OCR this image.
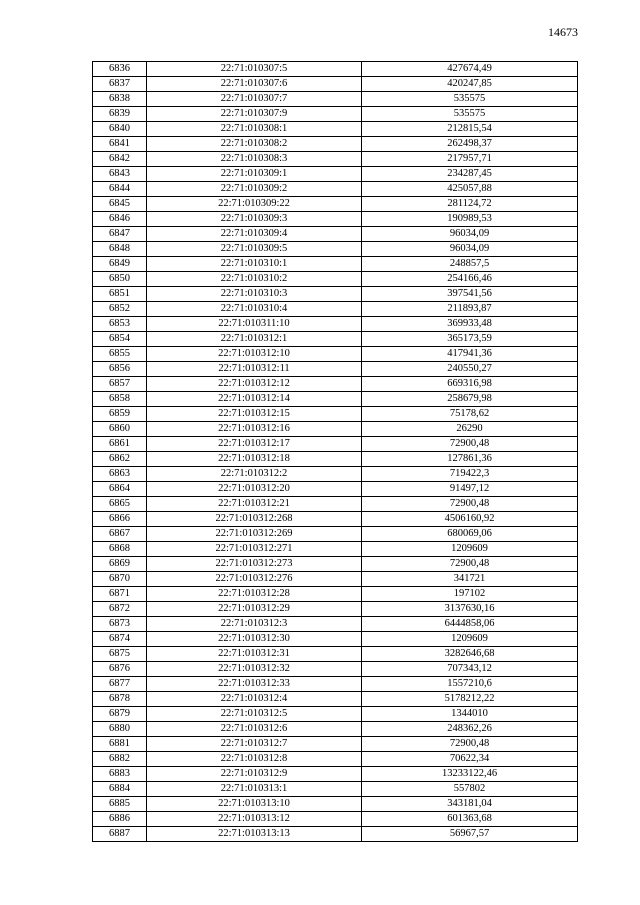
14673
6836	22:71:010307:5	427674,49
6837	22:71:010307:6	420247,85
6838	22:71:010307:7	535575
6839	22:71:010307:9	535575
6840	22:71:010308:1	212815,54
6841	22:71:010308:2	262498,37
6842	22:71:010308:3	217957,71
6843	22:71:010309:1	234287,45
6844	22:71:010309:2	425057,88
6845	22:71:010309:22	281124,72
6846	22:71:010309:3	190989,53
6847	22:71:010309:4	96034,09
6848	22:71:010309:5	96034,09
6849	22:71:010310:1	248857,5
6850	22:71:010310:2	254166,46
6851	22:71:010310:3	397541,56
6852	22:71:010310:4	211893,87
6853	22:71:010311:10	369933,48
6854	22:71:010312:1	365173,59
6855	22:71:010312:10	417941,36
6856	22:71:010312:11	240550,27
6857	22:71:010312:12	669316,98
6858	22:71:010312:14	258679,98
6859	22:71:010312:15	75178,62
6860	22:71:010312:16	26290
6861	22:71:010312:17	72900,48
6862	22:71:010312:18	127861,36
6863	22:71:010312:2	719422,3
6864	22:71:010312:20	91497,12
6865	22:71:010312:21	72900,48
6866	22:71:010312:268	4506160,92
6867	22:71:010312:269	680069,06
6868	22:71:010312:271	1209609
6869	22:71:010312:273	72900,48
6870	22:71:010312:276	341721
6871	22:71:010312:28	197102
6872	22:71:010312:29	3137630,16
6873	22:71:010312:3	6444858,06
6874	22:71:010312:30	1209609
6875	22:71:010312:31	3282646,68
6876	22:71:010312:32	707343,12
6877	22:71:010312:33	1557210,6
6878	22:71:010312:4	5178212,22
6879	22:71:010312:5	1344010
6880	22:71:010312:6	248362,26
6881	22:71:010312:7	72900,48
6882	22:71:010312:8	70622,34
6883	22:71:010312:9	13233122,46
6884	22:71:010313:1	557802
6885	22:71:010313:10	343181,04
6886	22:71:010313:12	601363,68
6887	22:71:010313:13	56967,57
